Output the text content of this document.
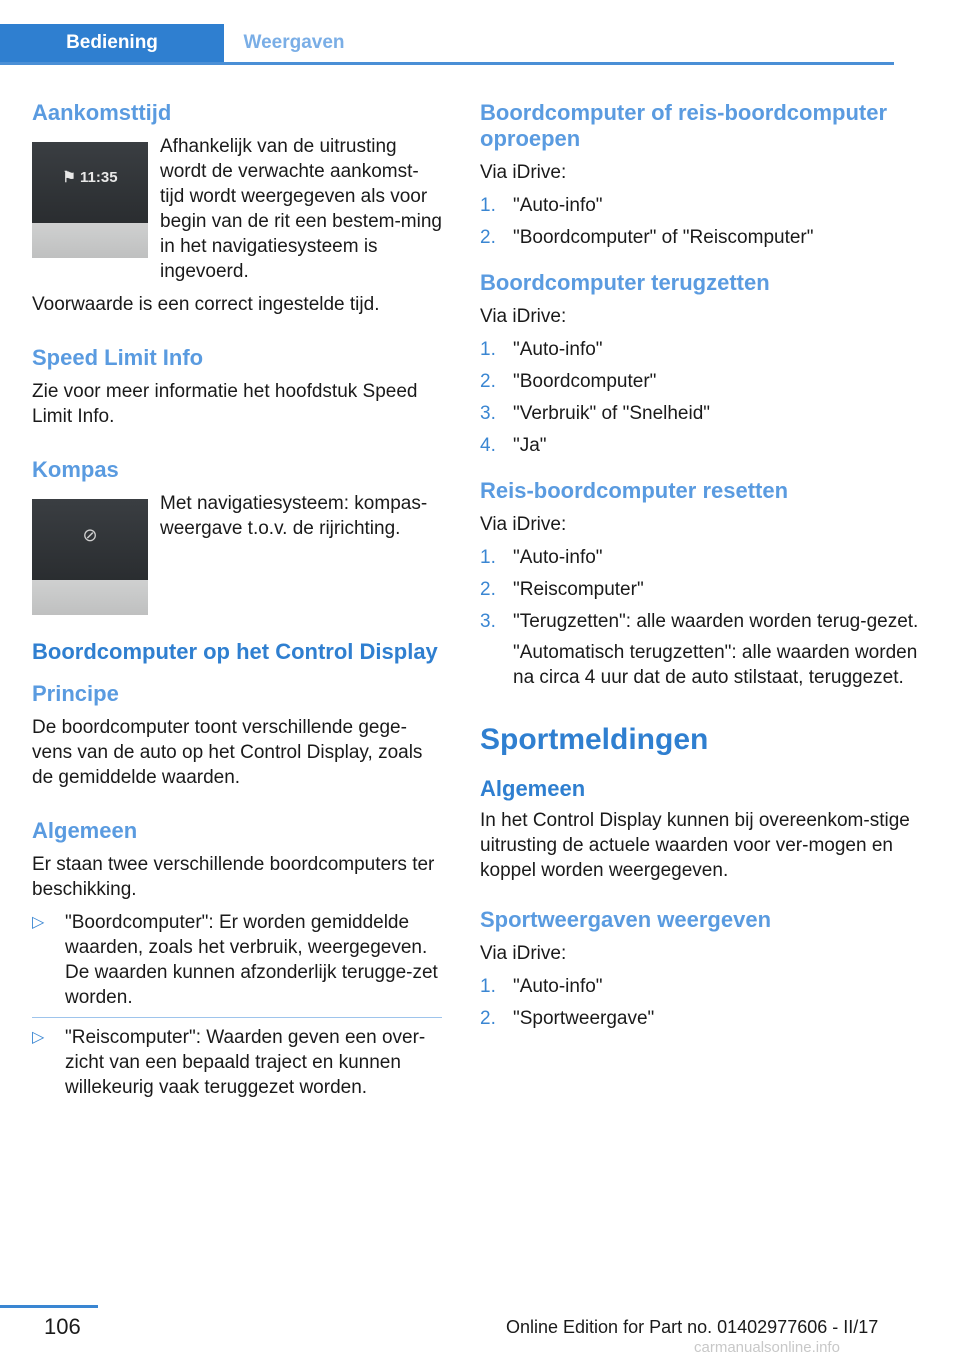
Bediening	Weergaven
Aankomsttijd
⚑ 11:35

Afhankelijk van de uitrusting wordt de verwachte aankomst‐tijd wordt weergegeven als voor begin van de rit een bestem‐ming in het navigatiesysteem is ingevoerd.

Voorwaarde is een correct ingestelde tijd.

Speed Limit Info

Zie voor meer informatie het hoofdstuk Speed Limit Info.

Kompas
⊘

Met navigatiesysteem: kompas‐weergave t.o.v. de rijrichting.

Boordcomputer op het Control Display
Principe

De boordcomputer toont verschillende gege‐vens van de auto op het Control Display, zoals de gemiddelde waarden.

Algemeen

Er staan twee verschillende boordcomputers ter beschikking.

▷ "Boordcomputer": Er worden gemiddelde waarden, zoals het verbruik, weergegeven. De waarden kunnen afzonderlijk terugge‐zet worden.
▷ "Reiscomputer": Waarden geven een over‐zicht van een bepaald traject en kunnen willekeurig vaak teruggezet worden.
Boordcomputer of reis‐boordcomputer oproepen

Via iDrive:

1. "Auto-info"
2. "Boordcomputer" of "Reiscomputer"
Boordcomputer terugzetten

Via iDrive:

1. "Auto-info"
2. "Boordcomputer"
3. "Verbruik" of "Snelheid"
4. "Ja"
Reis-boordcomputer resetten

Via iDrive:

1. "Auto-info"
2. "Reiscomputer"
3. "Terugzetten": alle waarden worden terug‐gezet.
"Automatisch terugzetten": alle waarden worden na circa 4 uur dat de auto stilstaat, teruggezet.
Sportmeldingen
Algemeen

In het Control Display kunnen bij overeenkom‐stige uitrusting de actuele waarden voor ver‐mogen en koppel worden weergegeven.

Sportweergaven weergeven

Via iDrive:

1. "Auto-info"
2. "Sportweergave"
106	Online Edition for Part no. 01402977606 - II/17
carmanualsonline.info
